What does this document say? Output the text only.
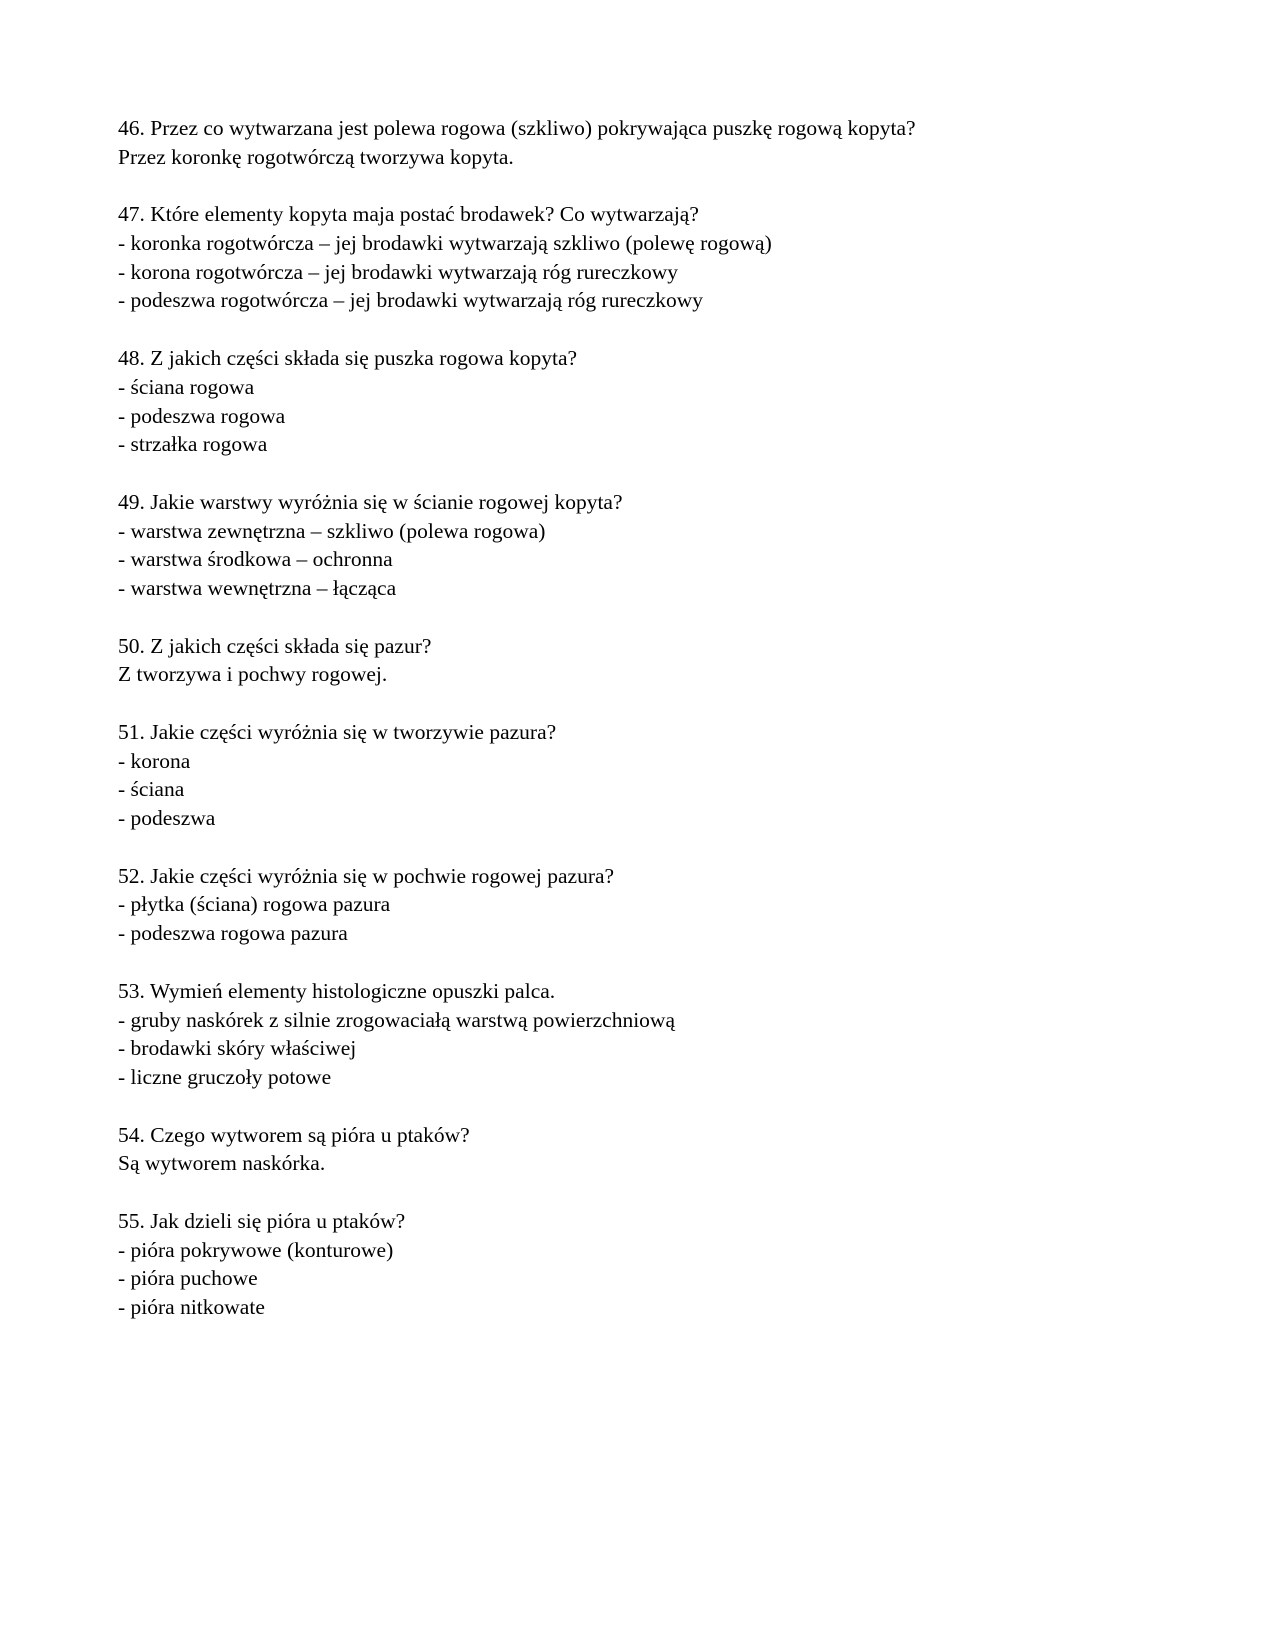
46. Przez co wytwarzana jest polewa rogowa (szkliwo) pokrywająca puszkę rogową kopyta?
Przez koronkę rogotwórczą tworzywa kopyta.
47. Które elementy kopyta maja postać brodawek? Co wytwarzają?
- koronka rogotwórcza – jej brodawki wytwarzają szkliwo (polewę rogową)
- korona rogotwórcza – jej brodawki wytwarzają róg rureczkowy
- podeszwa rogotwórcza – jej brodawki wytwarzają róg rureczkowy
48. Z jakich części składa się puszka rogowa kopyta?
- ściana rogowa
- podeszwa rogowa
- strzałka rogowa
49. Jakie warstwy wyróżnia się w ścianie rogowej kopyta?
- warstwa zewnętrzna – szkliwo (polewa rogowa)
- warstwa środkowa – ochronna
- warstwa wewnętrzna – łącząca
50. Z jakich części składa się pazur?
Z tworzywa i pochwy rogowej.
51. Jakie części wyróżnia się w tworzywie pazura?
- korona
- ściana
- podeszwa
52. Jakie części wyróżnia się w pochwie rogowej pazura?
- płytka (ściana) rogowa pazura
- podeszwa rogowa pazura
53. Wymień elementy histologiczne opuszki palca.
- gruby naskórek z silnie zrogowaciałą warstwą powierzchniową
- brodawki skóry właściwej
- liczne gruczoły potowe
54. Czego wytworem są pióra u ptaków?
Są wytworem naskórka.
55. Jak dzieli się pióra u ptaków?
- pióra pokrywowe (konturowe)
- pióra puchowe
- pióra nitkowate
